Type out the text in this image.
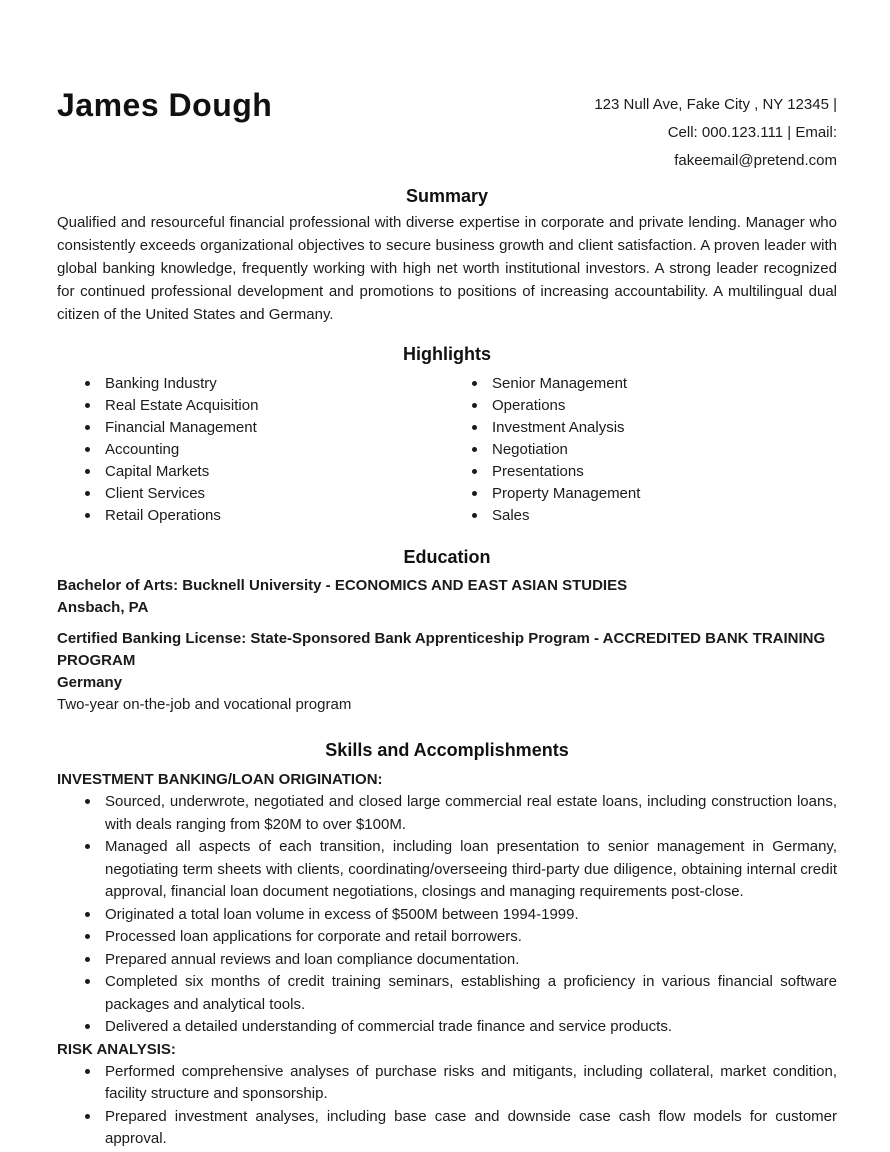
James Dough	123 Null Ave, Fake City , NY 12345 |
Cell: 000.123.111 | Email:
fakeemail@pretend.com
Summary

Qualified and resourceful financial professional with diverse expertise in corporate and private lending. Manager who consistently exceeds organizational objectives to secure business growth and client satisfaction. A proven leader with global banking knowledge, frequently working with high net worth institutional investors. A strong leader recognized for continued professional development and promotions to positions of increasing accountability. A multilingual dual citizen of the United States and Germany.

Highlights
Banking Industry
Real Estate Acquisition
Financial Management
Accounting
Capital Markets
Client Services
Retail Operations
Senior Management
Operations
Investment Analysis
Negotiation
Presentations
Property Management
Sales
Education
Bachelor of Arts: Bucknell University - ECONOMICS AND EAST ASIAN STUDIES
Ansbach, PA
Certified Banking License: State-Sponsored Bank Apprenticeship Program - ACCREDITED BANK TRAINING PROGRAM
Germany
Two-year on-the-job and vocational program
Skills and Accomplishments
INVESTMENT BANKING/LOAN ORIGINATION:
Sourced, underwrote, negotiated and closed large commercial real estate loans, including construction loans, with deals ranging from $20M to over $100M.
Managed all aspects of each transition, including loan presentation to senior management in Germany, negotiating term sheets with clients, coordinating/overseeing third-party due diligence, obtaining internal credit approval, financial loan document negotiations, closings and managing requirements post-close.
Originated a total loan volume in excess of $500M between 1994-1999.
Processed loan applications for corporate and retail borrowers.
Prepared annual reviews and loan compliance documentation.
Completed six months of credit training seminars, establishing a proficiency in various financial software packages and analytical tools.
Delivered a detailed understanding of commercial trade finance and service products.
RISK ANALYSIS:
Performed comprehensive analyses of purchase risks and mitigants, including collateral, market condition, facility structure and sponsorship.
Prepared investment analyses, including base case and downside case cash flow models for customer approval.
